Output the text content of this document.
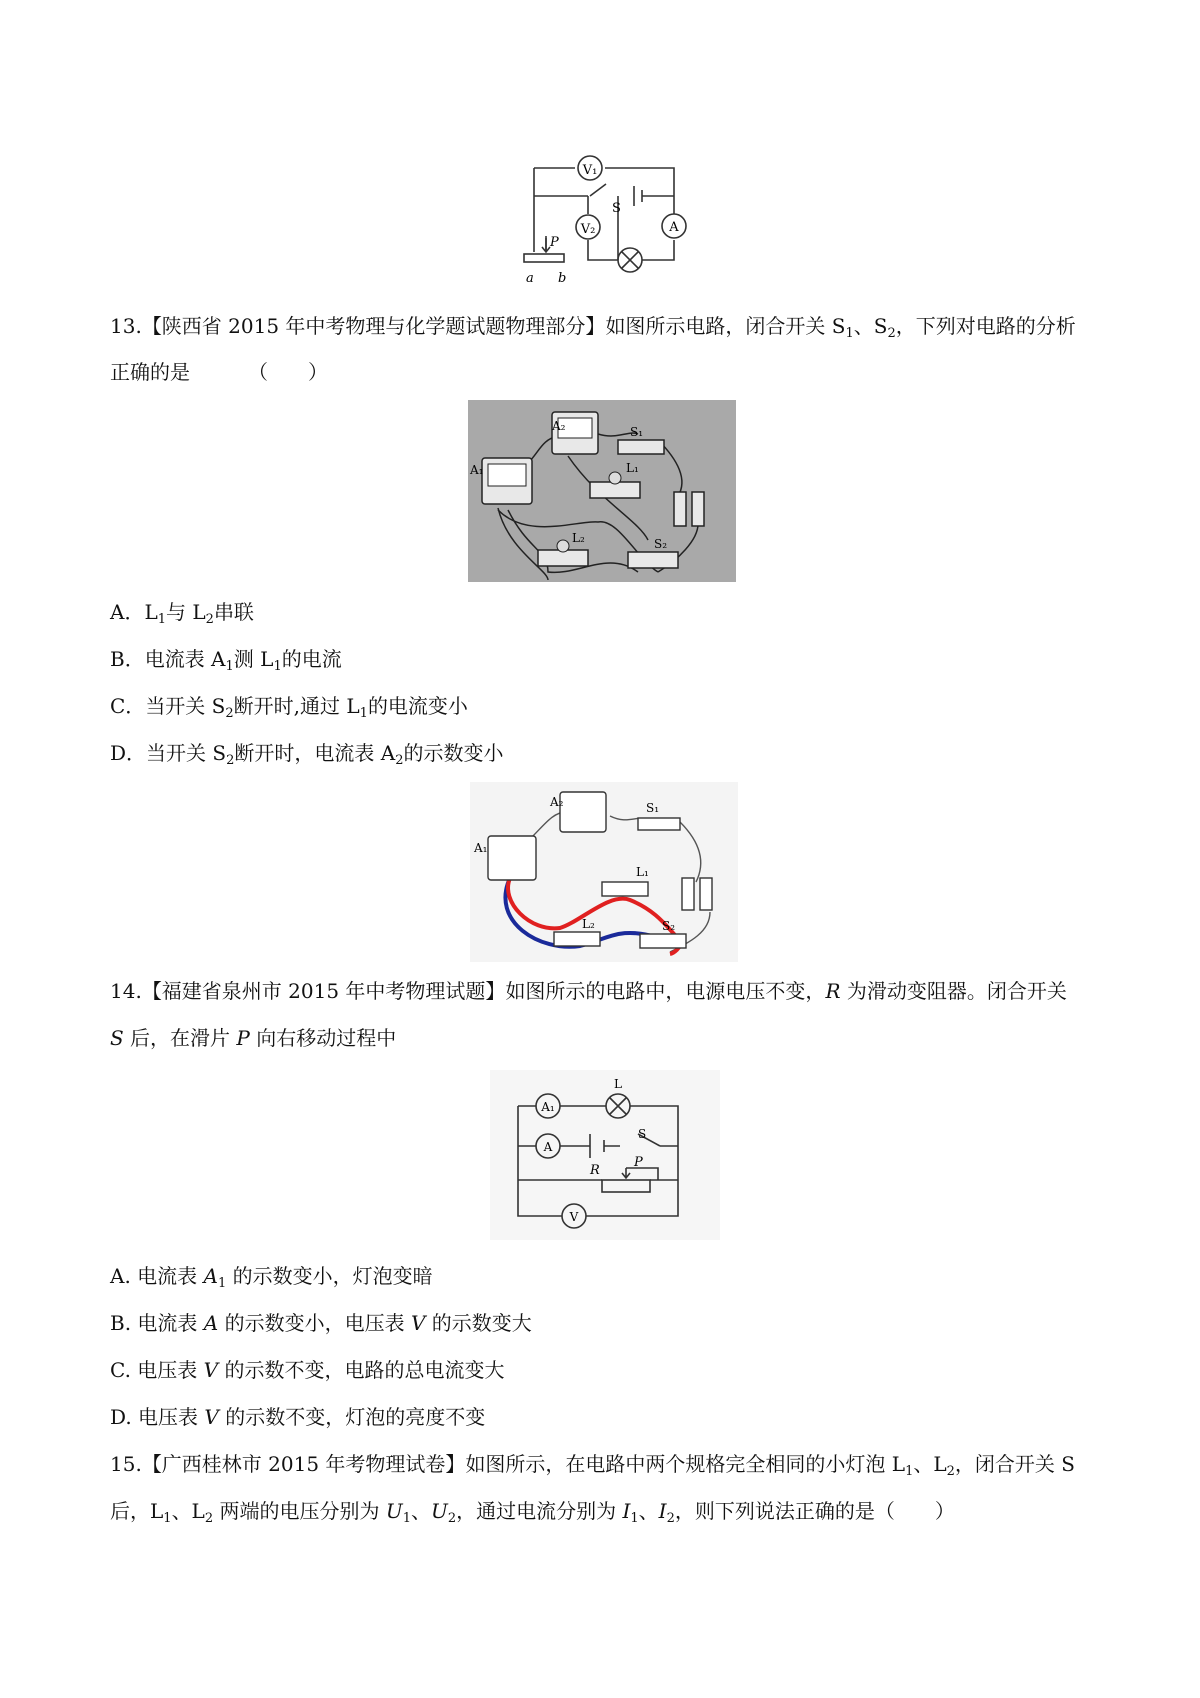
V₁
V₂	A
S
P
a b
13.【陕西省 2015 年中考物理与化学题试题物理部分】如图所示电路，闭合开关 $S_1$、$S_2$，下列对电路的分析
正确的是	（　　）
A₂
A₁
S₁
L₁
L₂	S₂
A．$L_1$与 $L_2$串联
B．电流表 $A_1$测 $L_1$的电流
C．当开关 $S_2$断开时,通过 $L_1$的电流变小
D．当开关 $S_2$断开时，电流表 $A_2$的示数变小
A₂
A₁
S₁
L₁
L₂	S₂
14.【福建省泉州市 2015 年中考物理试题】如图所示的电路中，电源电压不变，R 为滑动变阻器。闭合开关
S 后，在滑片 P 向右移动过程中
A₁
A
V
L
S
R
P
A. 电流表 $A_1$ 的示数变小，灯泡变暗
B. 电流表 A 的示数变小，电压表 V 的示数变大
C. 电压表 V 的示数不变，电路的总电流变大
D. 电压表 V 的示数不变，灯泡的亮度不变
15.【广西桂林市 2015 年考物理试卷】如图所示，在电路中两个规格完全相同的小灯泡 $L_1$、$L_2$，闭合开关 S
后，$L_1$、$L_2$ 两端的电压分别为 $U_1$、$U_2$，通过电流分别为 $I_1$、$I_2$，则下列说法正确的是（　　）
